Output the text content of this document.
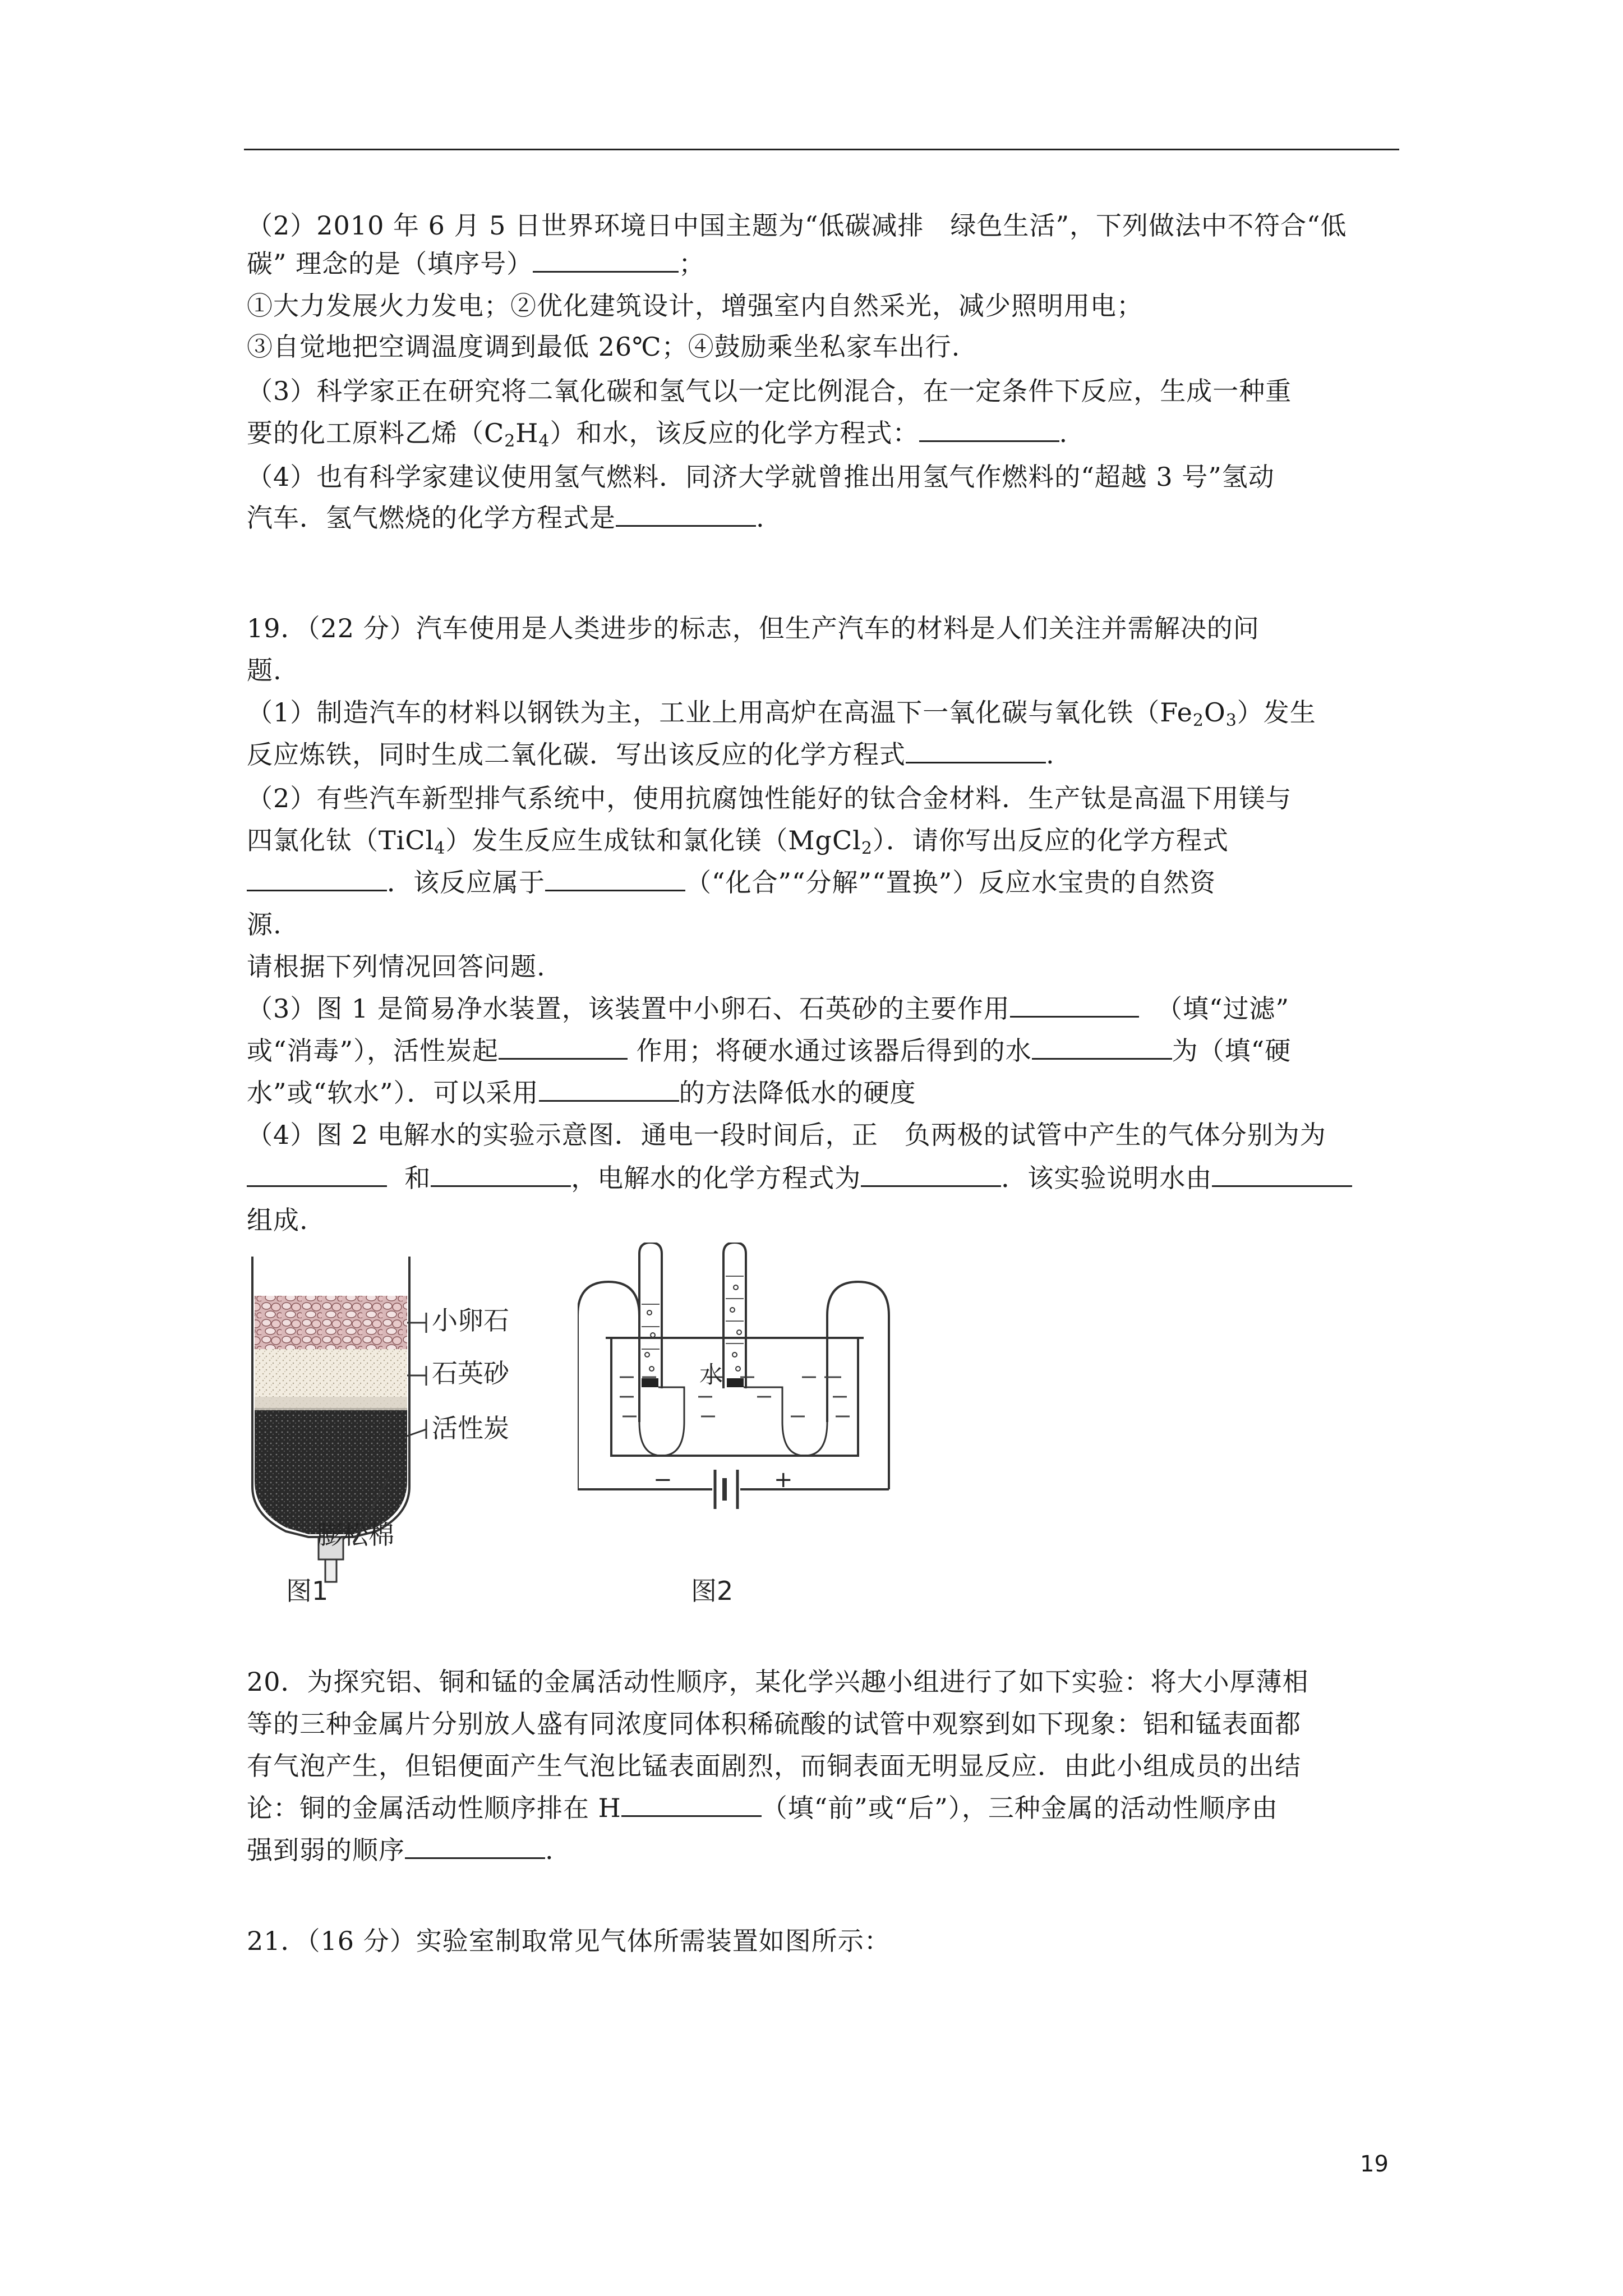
（2）2010 年 6 月 5 日世界环境日中国主题为“低碳减排　绿色生活”，下列做法中不符合“低
碳” 理念的是（填序号）	；
①大力发展火力发电；②优化建筑设计，增强室内自然采光，减少照明用电；
③自觉地把空调温度调到最低 26℃；④鼓励乘坐私家车出行.
（3）科学家正在研究将二氧化碳和氢气以一定比例混合，在一定条件下反应，生成一种重
要的化工原料乙烯$(C_2H_4)$和水，该反应的化学方程式：	.
（4）也有科学家建议使用氢气燃料．同济大学就曾推出用氢气作燃料的“超越 3 号”氢动
汽车．氢气燃烧的化学方程式是	.
19．（22 分）汽车使用是人类进步的标志，但生产汽车的材料是人们关注并需解决的问
题.
（1）制造汽车的材料以钢铁为主，工业上用高炉在高温下一氧化碳与氧化铁$(Fe_2O_3)$发生
反应炼铁，同时生成二氧化碳．写出该反应的化学方程式	.
（2）有些汽车新型排气系统中，使用抗腐蚀性能好的钛合金材料．生产钛是高温下用镁与
四氯化钛（TiCl$_4$）发生反应生成钛和氯化镁（MgCl$_2$）．请你写出反应的化学方程式
．该反应属于	（“化合”“分解”“置换”）反应水宝贵的自然资
源.
请根据下列情况回答问题.
（3）图 1 是简易净水装置，该装置中小卵石、石英砂的主要作用	（填“过滤”
或“消毒”），活性炭起	作用；将硬水通过该器后得到的水	为（填“硬
水”或“软水”）．可以采用	的方法降低水的硬度
（4）图 2 电解水的实验示意图．通电一段时间后，正　负两极的试管中产生的气体分别为为
和	，电解水的化学方程式为	．该实验说明水由
组成.
小卵石
石英砂
活性炭
膨松棉
图1
水
−	+
图2
20．为探究铝、铜和锰的金属活动性顺序，某化学兴趣小组进行了如下实验：将大小厚薄相
等的三种金属片分别放人盛有同浓度同体积稀硫酸的试管中观察到如下现象：铝和锰表面都
有气泡产生，但铝便面产生气泡比锰表面剧烈，而铜表面无明显反应．由此小组成员的出结
论：铜的金属活动性顺序排在 H	（填“前”或“后”），三种金属的活动性顺序由
强到弱的顺序	.
21．（16 分）实验室制取常见气体所需装置如图所示：
19
